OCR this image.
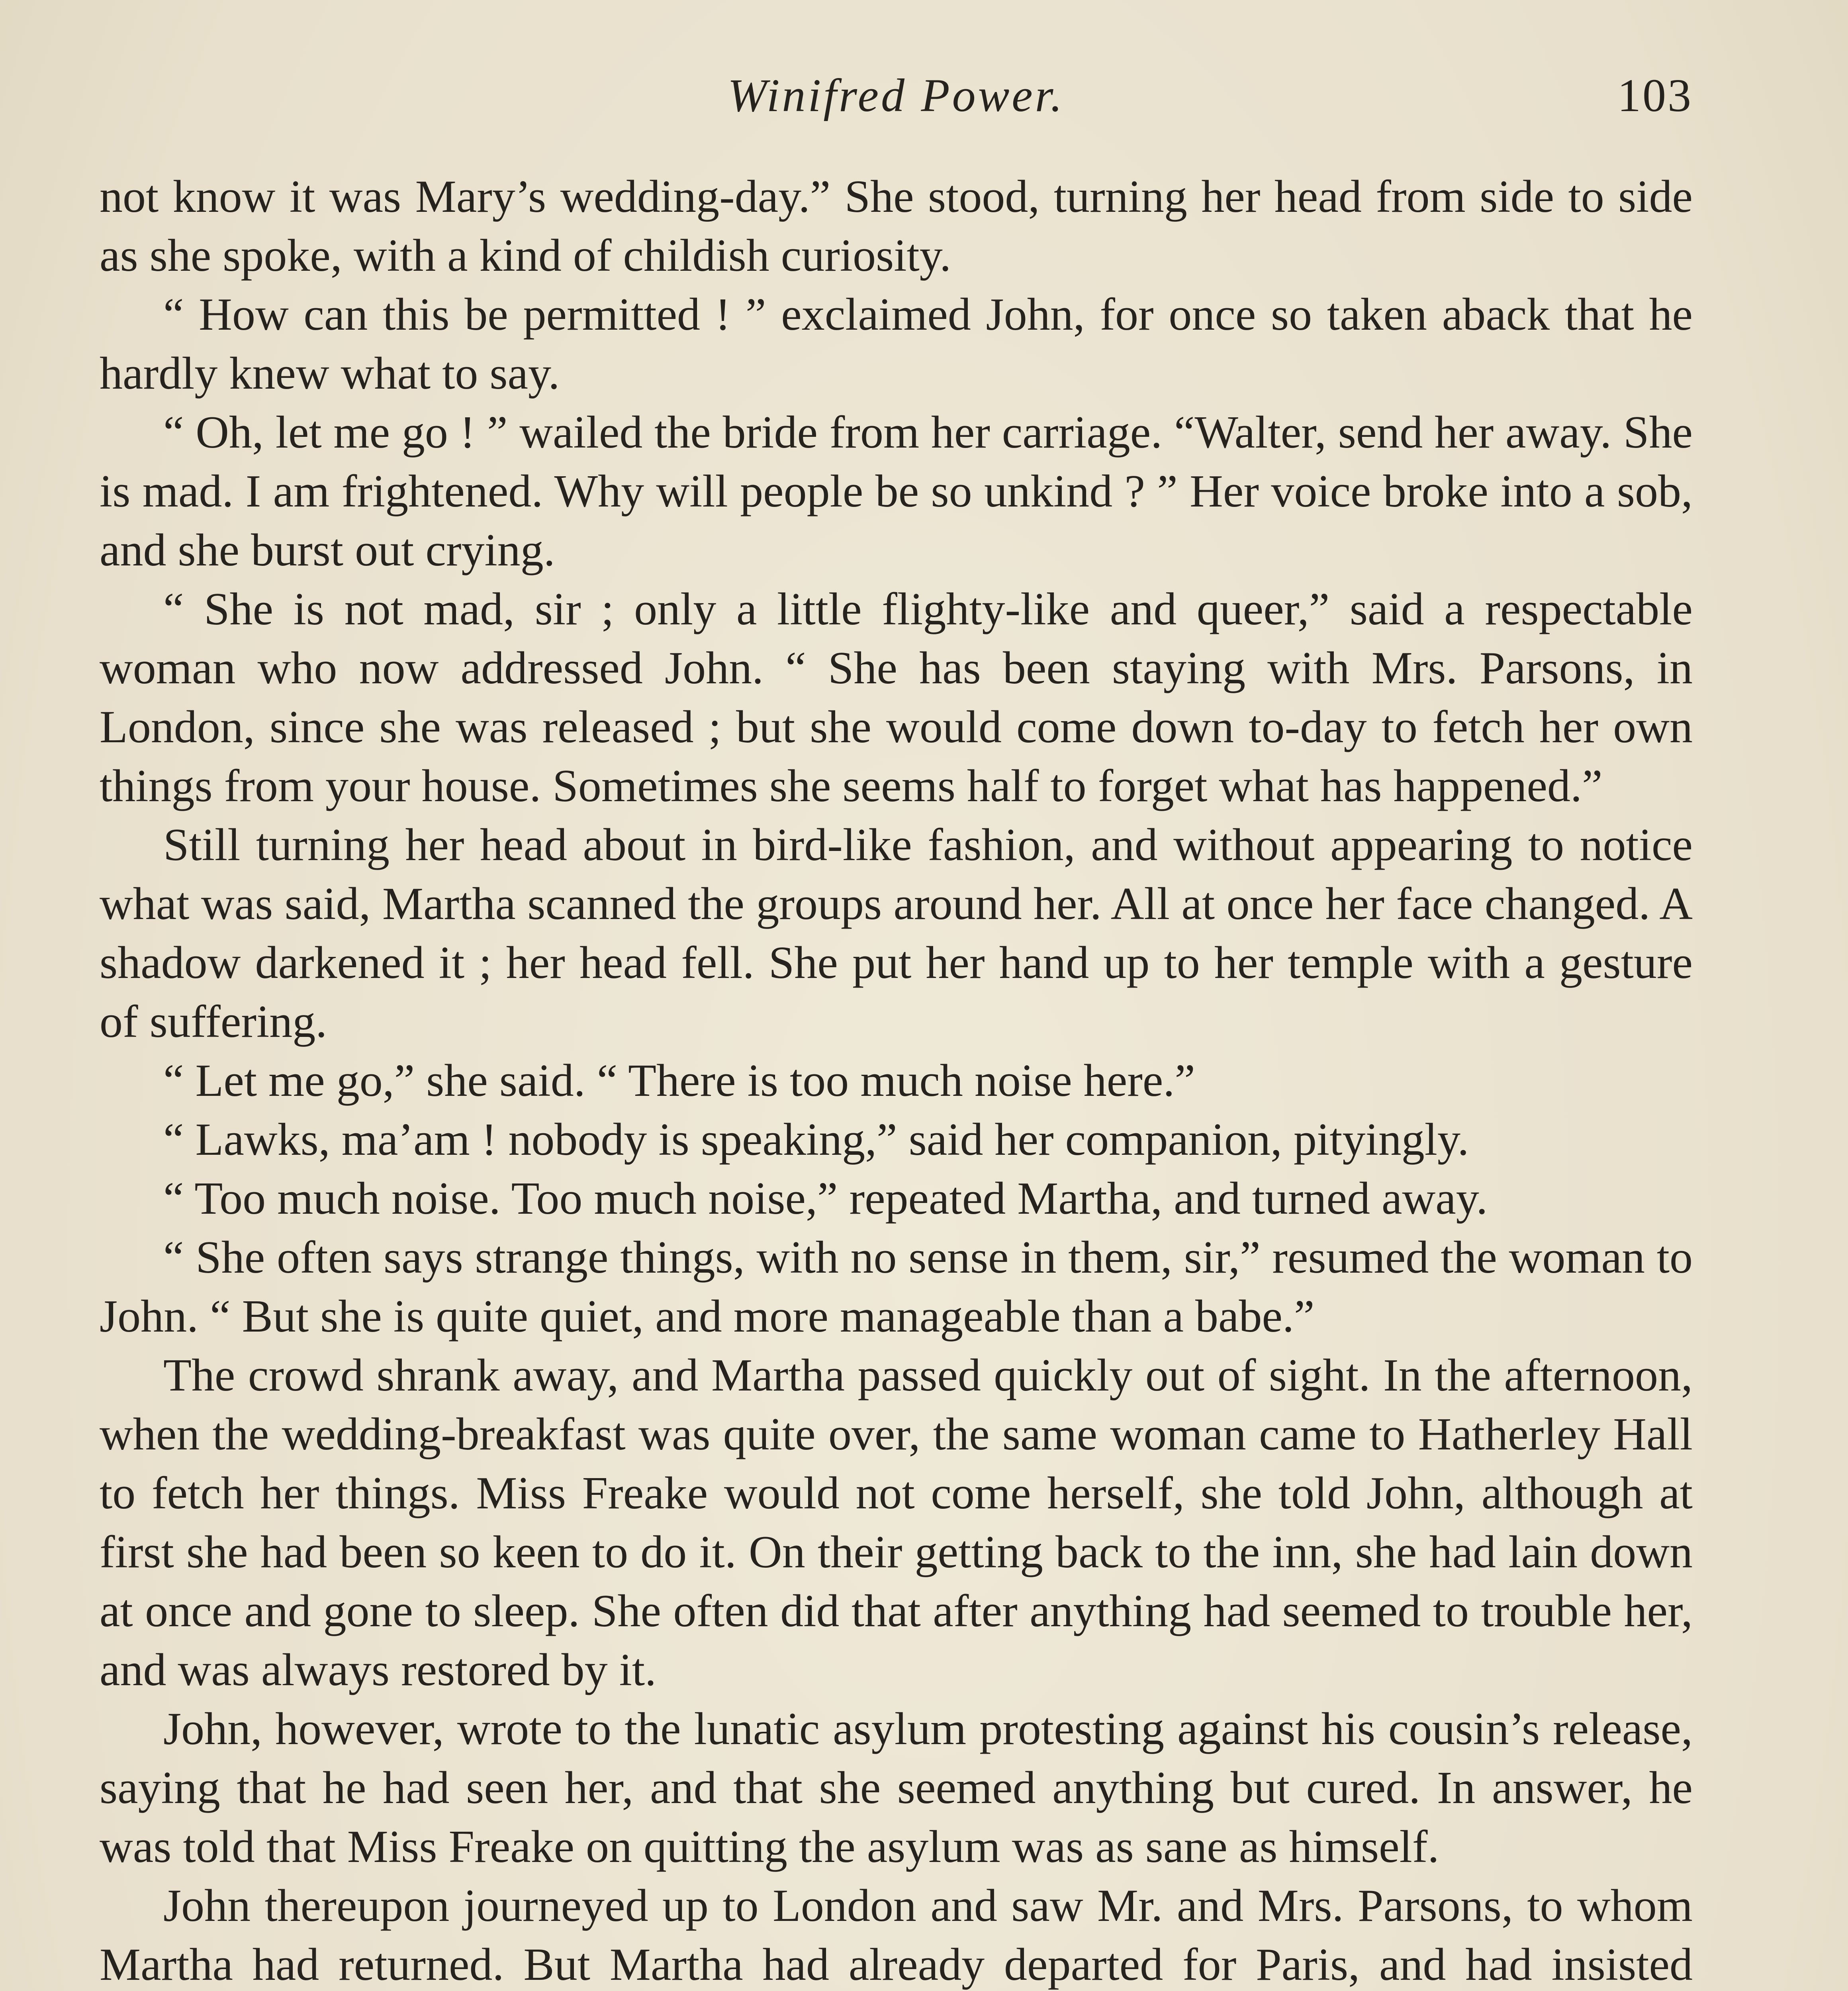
Winifred Power.	103

not know it was Mary’s wedding-day.” She stood, turning her head from side to side as she spoke, with a kind of childish curiosity.

“ How can this be permitted ! ” exclaimed John, for once so taken aback that he hardly knew what to say.

“ Oh, let me go ! ” wailed the bride from her carriage. “Walter, send her away. She is mad. I am frightened. Why will people be so unkind ? ” Her voice broke into a sob, and she burst out crying.

“ She is not mad, sir ; only a little flighty-like and queer,” said a respectable woman who now addressed John. “ She has been staying with Mrs. Parsons, in London, since she was released ; but she would come down to-day to fetch her own things from your house. Sometimes she seems half to forget what has happened.”

Still turning her head about in bird-like fashion, and without appearing to notice what was said, Martha scanned the groups around her. All at once her face changed. A shadow darkened it ; her head fell. She put her hand up to her temple with a gesture of suffering.

“ Let me go,” she said. “ There is too much noise here.”

“ Lawks, ma’am ! nobody is speaking,” said her companion, pityingly.

“ Too much noise. Too much noise,” repeated Martha, and turned away.

“ She often says strange things, with no sense in them, sir,” resumed the woman to John. “ But she is quite quiet, and more manageable than a babe.”

The crowd shrank away, and Martha passed quickly out of sight. In the afternoon, when the wedding-breakfast was quite over, the same woman came to Hatherley Hall to fetch her things. Miss Freake would not come herself, she told John, although at first she had been so keen to do it. On their getting back to the inn, she had lain down at once and gone to sleep. She often did that after anything had seemed to trouble her, and was always restored by it.

John, however, wrote to the lunatic asylum protesting against his cousin’s release, saying that he had seen her, and that she seemed anything but cured. In answer, he was told that Miss Freake on quitting the asylum was as sane as himself.

John thereupon journeyed up to London and saw Mr. and Mrs. Parsons, to whom Martha had returned. But Martha had already departed for Paris, and had insisted
